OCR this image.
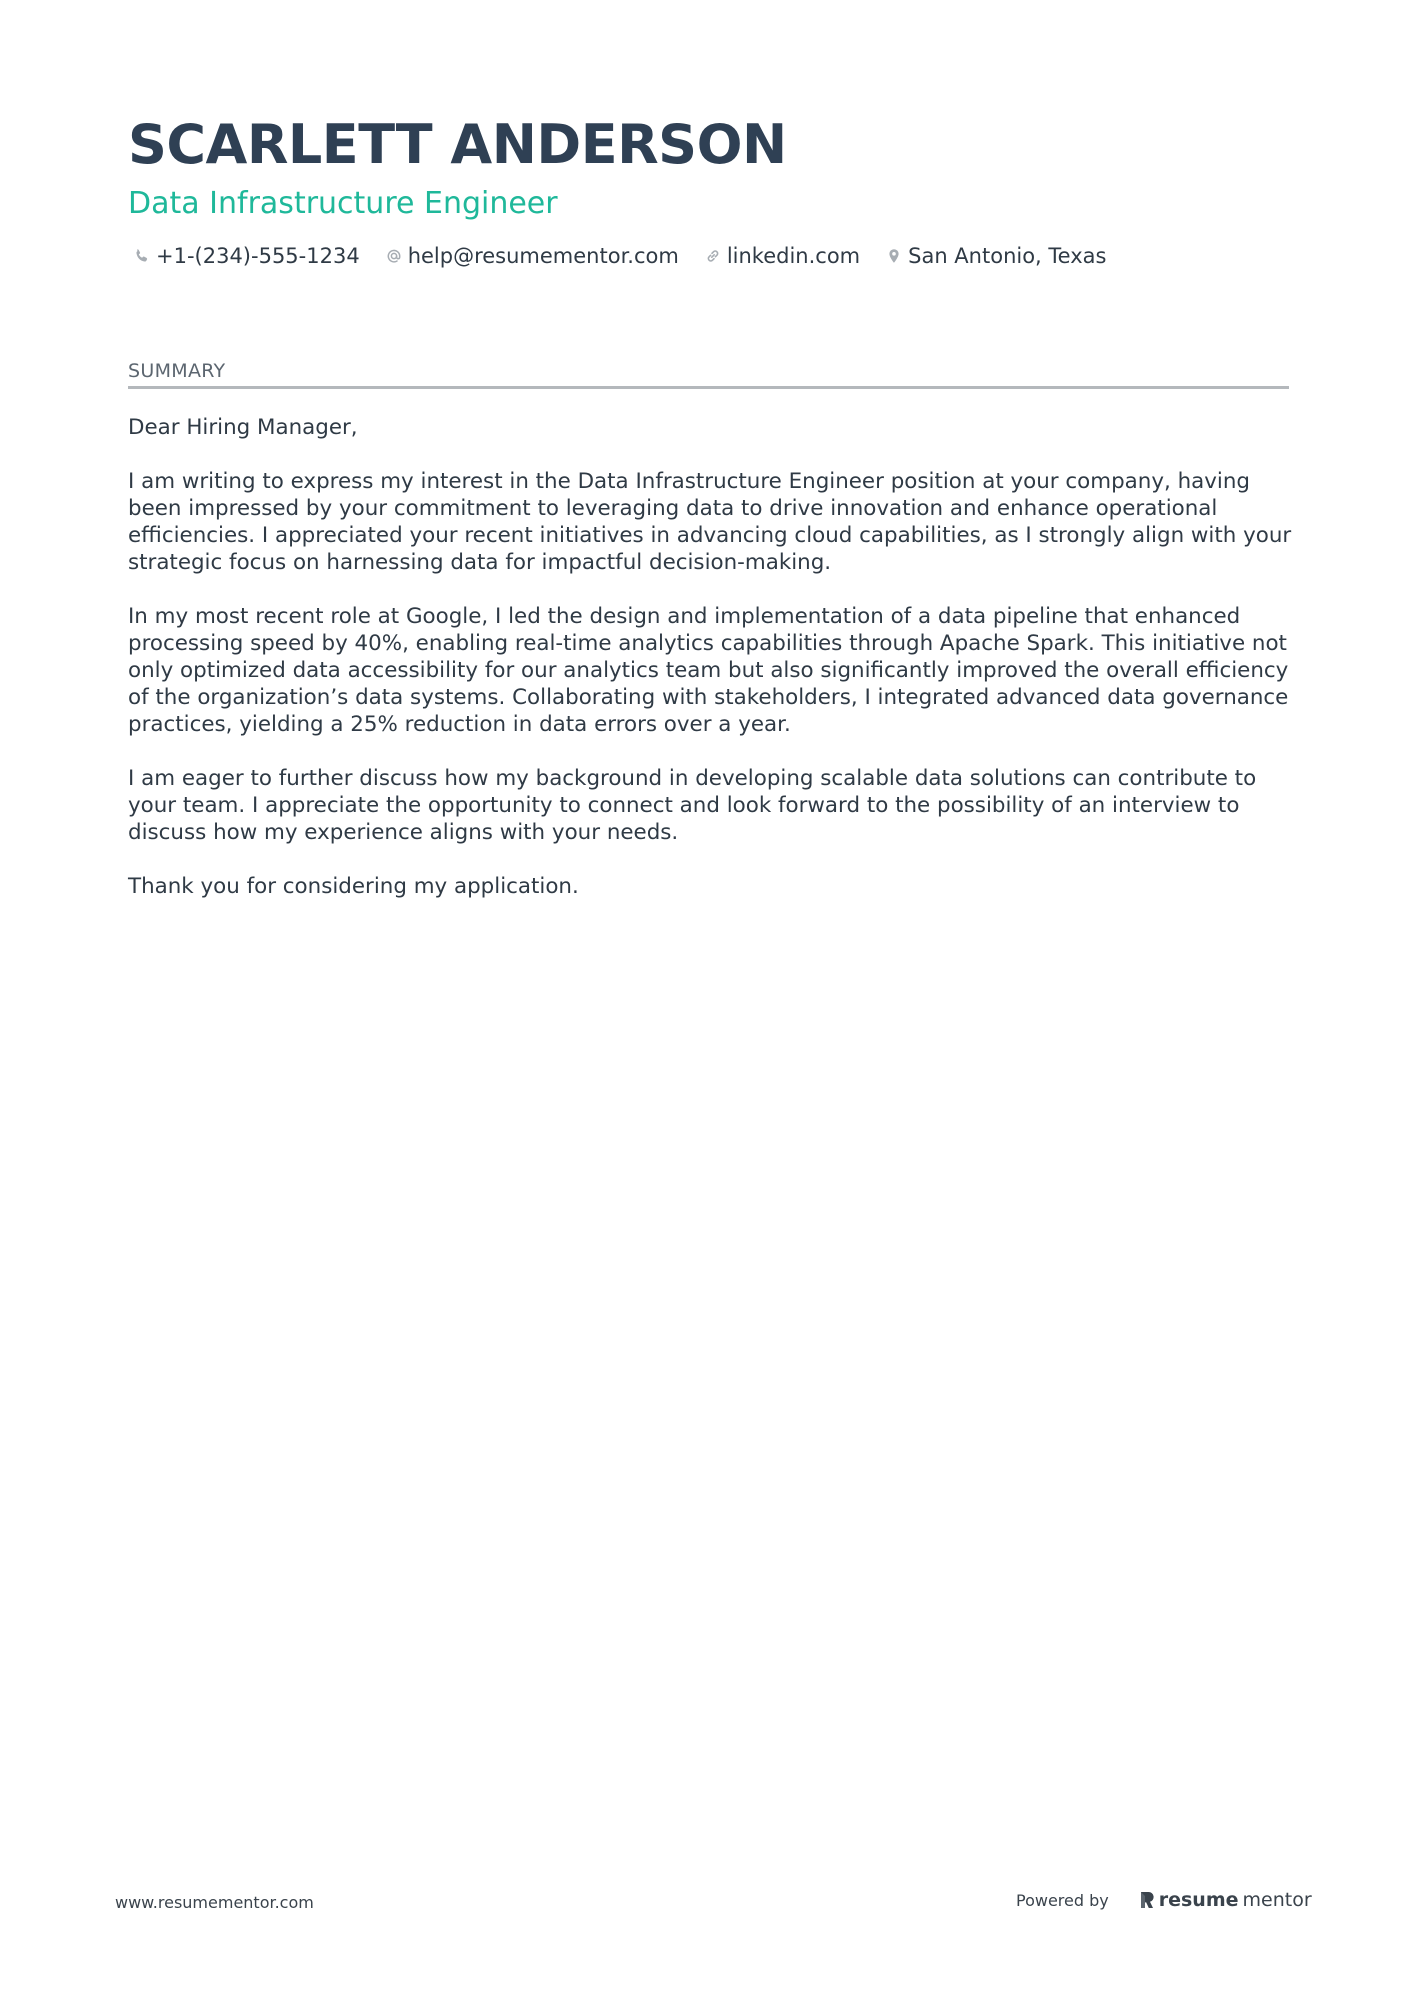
SCARLETT ANDERSON
Data Infrastructure Engineer
+1-(234)-555-1234 help@resumementor.com linkedin.com San Antonio, Texas
SUMMARY

Dear Hiring Manager,

I am writing to express my interest in the Data Infrastructure Engineer position at your company, having been impressed by your commitment to leveraging data to drive innovation and enhance operational efficiencies. I appreciated your recent initiatives in advancing cloud capabilities, as I strongly align with your strategic focus on harnessing data for impactful decision-making.

In my most recent role at Google, I led the design and implementation of a data pipeline that enhanced processing speed by 40%, enabling real-time analytics capabilities through Apache Spark. This initiative not only optimized data accessibility for our analytics team but also significantly improved the overall efficiency of the organization’s data systems. Collaborating with stakeholders, I integrated advanced data governance practices, yielding a 25% reduction in data errors over a year.

I am eager to further discuss how my background in developing scalable data solutions can contribute to your team. I appreciate the opportunity to connect and look forward to the possibility of an interview to discuss how my experience aligns with your needs.

Thank you for considering my application.

www.resumementor.com	Powered by	resume mentor
